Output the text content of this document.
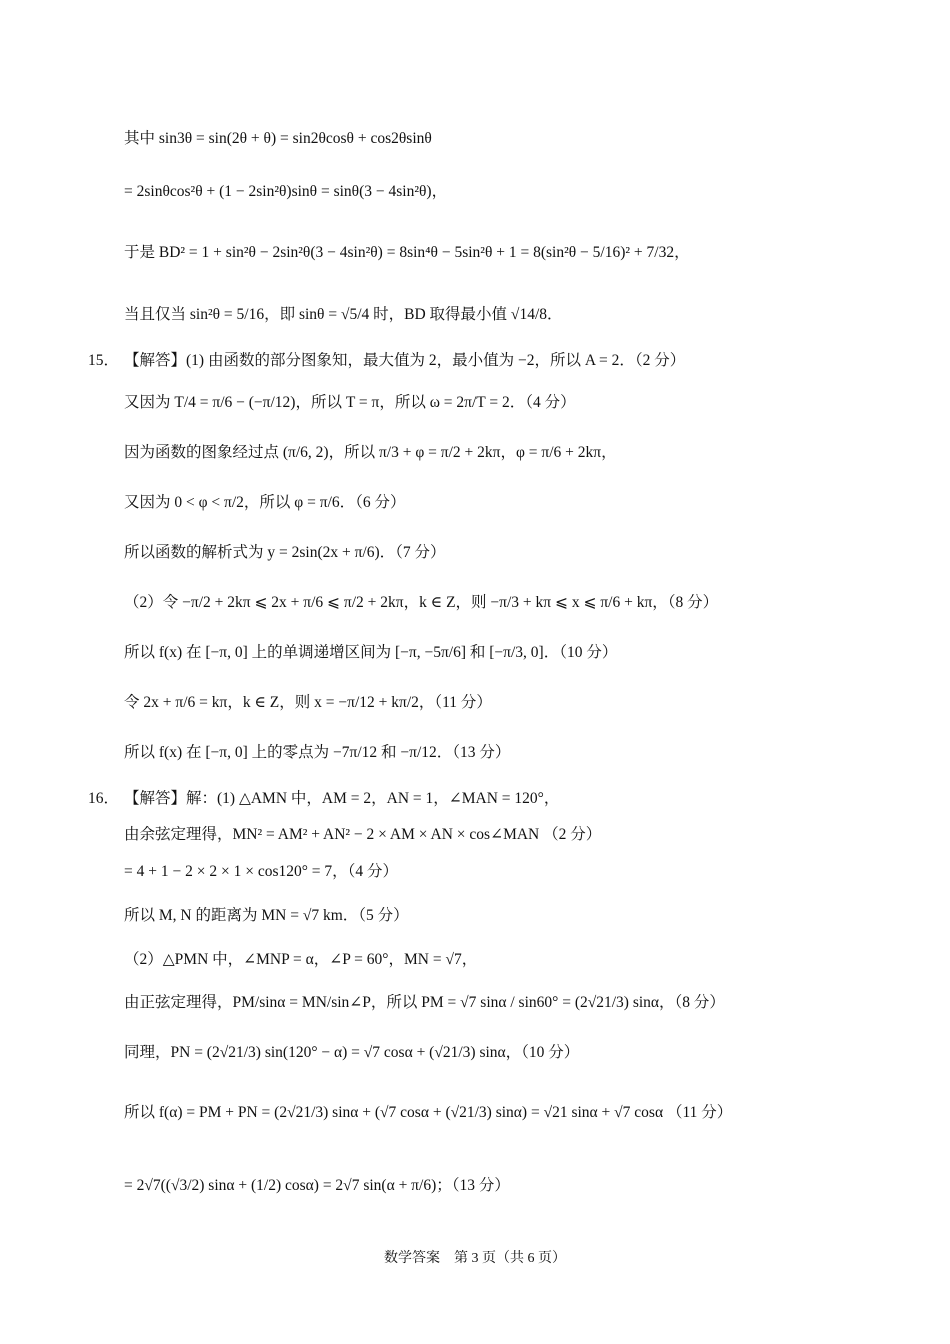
其中 sin3θ = sin(2θ + θ) = sin2θcosθ + cos2θsinθ
= 2sinθcos²θ + (1 − 2sin²θ)sinθ = sinθ(3 − 4sin²θ)，
于是 BD² = 1 + sin²θ − 2sin²θ(3 − 4sin²θ) = 8sin⁴θ − 5sin²θ + 1 = 8(sin²θ − 5/16)² + 7/32，
当且仅当 sin²θ = 5/16，即 sinθ = √5/4 时，BD 取得最小值 √14/8．
15． 【解答】(1) 由函数的部分图象知，最大值为 2，最小值为 −2，所以 A = 2．（2 分）
又因为 T/4 = π/6 − (−π/12)，所以 T = π，所以 ω = 2π/T = 2．（4 分）
因为函数的图象经过点 (π/6, 2)，所以 π/3 + φ = π/2 + 2kπ，φ = π/6 + 2kπ，
又因为 0 < φ < π/2，所以 φ = π/6．（6 分）
所以函数的解析式为 y = 2sin(2x + π/6)．（7 分）
（2）令 −π/2 + 2kπ ⩽ 2x + π/6 ⩽ π/2 + 2kπ，k ∈ Z，则 −π/3 + kπ ⩽ x ⩽ π/6 + kπ，（8 分）
所以 f(x) 在 [−π, 0] 上的单调递增区间为 [−π, −5π/6] 和 [−π/3, 0]．（10 分）
令 2x + π/6 = kπ，k ∈ Z，则 x = −π/12 + kπ/2，（11 分）
所以 f(x) 在 [−π, 0] 上的零点为 −7π/12 和 −π/12．（13 分）
16． 【解答】解：(1) △AMN 中，AM = 2，AN = 1，∠MAN = 120°，
由余弦定理得，MN² = AM² + AN² − 2 × AM × AN × cos∠MAN （2 分）
= 4 + 1 − 2 × 2 × 1 × cos120° = 7，（4 分）
所以 M, N 的距离为 MN = √7 km．（5 分）
（2）△PMN 中，∠MNP = α，∠P = 60°，MN = √7，
由正弦定理得，PM/sinα = MN/sin∠P，所以 PM = √7 sinα / sin60° = (2√21/3) sinα，（8 分）
同理，PN = (2√21/3) sin(120° − α) = √7 cosα + (√21/3) sinα，（10 分）
所以 f(α) = PM + PN = (2√21/3) sinα + (√7 cosα + (√21/3) sinα) = √21 sinα + √7 cosα （11 分）
= 2√7((√3/2) sinα + (1/2) cosα) = 2√7 sin(α + π/6)；（13 分）
数学答案　第 3 页（共 6 页）
